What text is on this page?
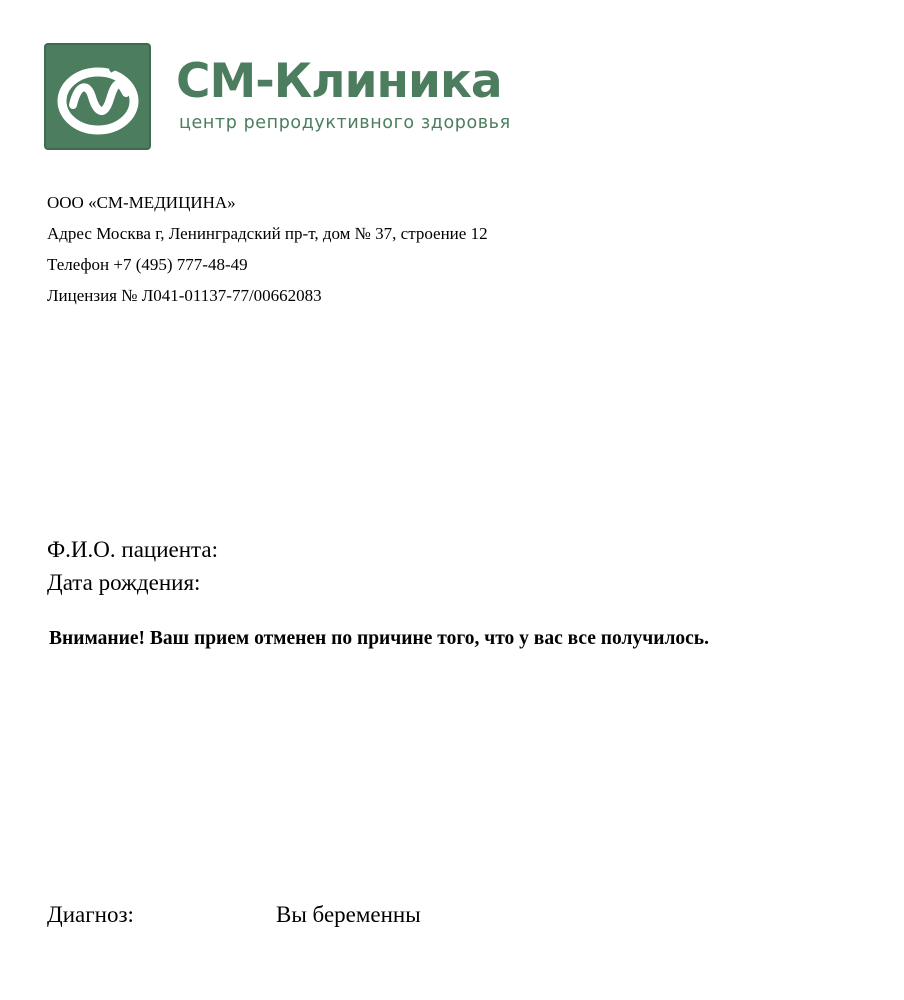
СМ-Клиника
центр репродуктивного здоровья
ООО «СМ-МЕДИЦИНА»
Адрес Москва г, Ленинградский пр-т, дом № 37, строение 12
Телефон +7 (495) 777-48-49
Лицензия № Л041-01137-77/00662083
Ф.И.О. пациента:
Дата рождения:
Внимание! Ваш прием отменен по причине того, что у вас все получилось.
Диагноз:	Вы беременны
